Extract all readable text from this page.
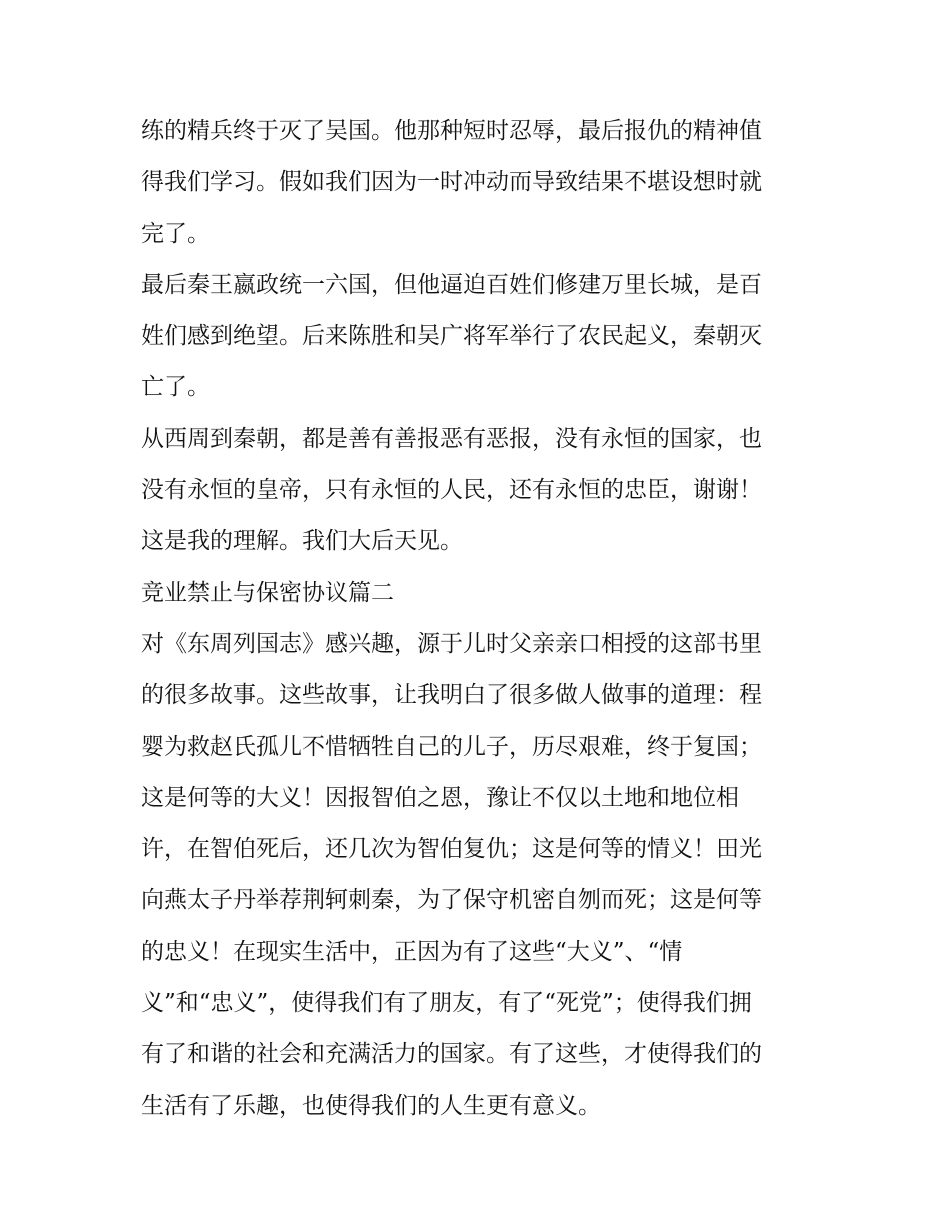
练的精兵终于灭了吴国。他那种短时忍辱，最后报仇的精神值
得我们学习。假如我们因为一时冲动而导致结果不堪设想时就
完了。
最后秦王嬴政统一六国，但他逼迫百姓们修建万里长城，是百
姓们感到绝望。后来陈胜和吴广将军举行了农民起义，秦朝灭
亡了。
从西周到秦朝，都是善有善报恶有恶报，没有永恒的国家，也
没有永恒的皇帝，只有永恒的人民，还有永恒的忠臣，谢谢！
这是我的理解。我们大后天见。
竞业禁止与保密协议篇二
对《东周列国志》感兴趣，源于儿时父亲亲口相授的这部书里
的很多故事。这些故事，让我明白了很多做人做事的道理：程
婴为救赵氏孤儿不惜牺牲自己的儿子，历尽艰难，终于复国；
这是何等的大义！因报智伯之恩，豫让不仅以土地和地位相
许，在智伯死后，还几次为智伯复仇；这是何等的情义！田光
向燕太子丹举荐荆轲刺秦，为了保守机密自刎而死；这是何等
的忠义！在现实生活中，正因为有了这些“大义”、“情
义”和“忠义”，使得我们有了朋友，有了“死党”；使得我们拥
有了和谐的社会和充满活力的国家。有了这些，才使得我们的
生活有了乐趣，也使得我们的人生更有意义。
